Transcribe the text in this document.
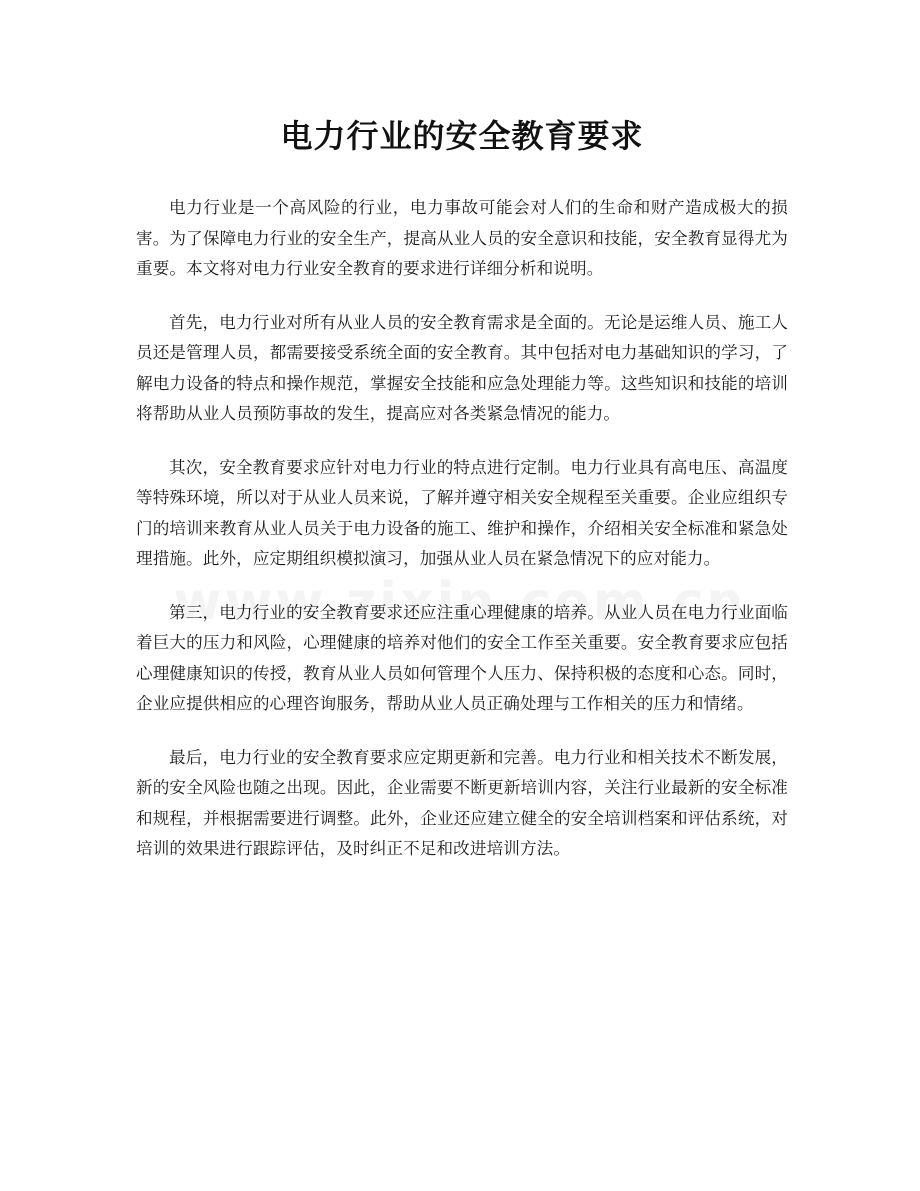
电力行业的安全教育要求

电力行业是一个高风险的行业，电力事故可能会对人们的生命和财产造成极大的损害。为了保障电力行业的安全生产，提高从业人员的安全意识和技能，安全教育显得尤为重要。本文将对电力行业安全教育的要求进行详细分析和说明。

首先，电力行业对所有从业人员的安全教育需求是全面的。无论是运维人员、施工人员还是管理人员，都需要接受系统全面的安全教育。其中包括对电力基础知识的学习，了解电力设备的特点和操作规范，掌握安全技能和应急处理能力等。这些知识和技能的培训将帮助从业人员预防事故的发生，提高应对各类紧急情况的能力。

其次，安全教育要求应针对电力行业的特点进行定制。电力行业具有高电压、高温度等特殊环境，所以对于从业人员来说，了解并遵守相关安全规程至关重要。企业应组织专门的培训来教育从业人员关于电力设备的施工、维护和操作，介绍相关安全标准和紧急处理措施。此外，应定期组织模拟演习，加强从业人员在紧急情况下的应对能力。

第三，电力行业的安全教育要求还应注重心理健康的培养。从业人员在电力行业面临着巨大的压力和风险，心理健康的培养对他们的安全工作至关重要。安全教育要求应包括心理健康知识的传授，教育从业人员如何管理个人压力、保持积极的态度和心态。同时，企业应提供相应的心理咨询服务，帮助从业人员正确处理与工作相关的压力和情绪。

最后，电力行业的安全教育要求应定期更新和完善。电力行业和相关技术不断发展，新的安全风险也随之出现。因此，企业需要不断更新培训内容，关注行业最新的安全标准和规程，并根据需要进行调整。此外，企业还应建立健全的安全培训档案和评估系统，对培训的效果进行跟踪评估，及时纠正不足和改进培训方法。
